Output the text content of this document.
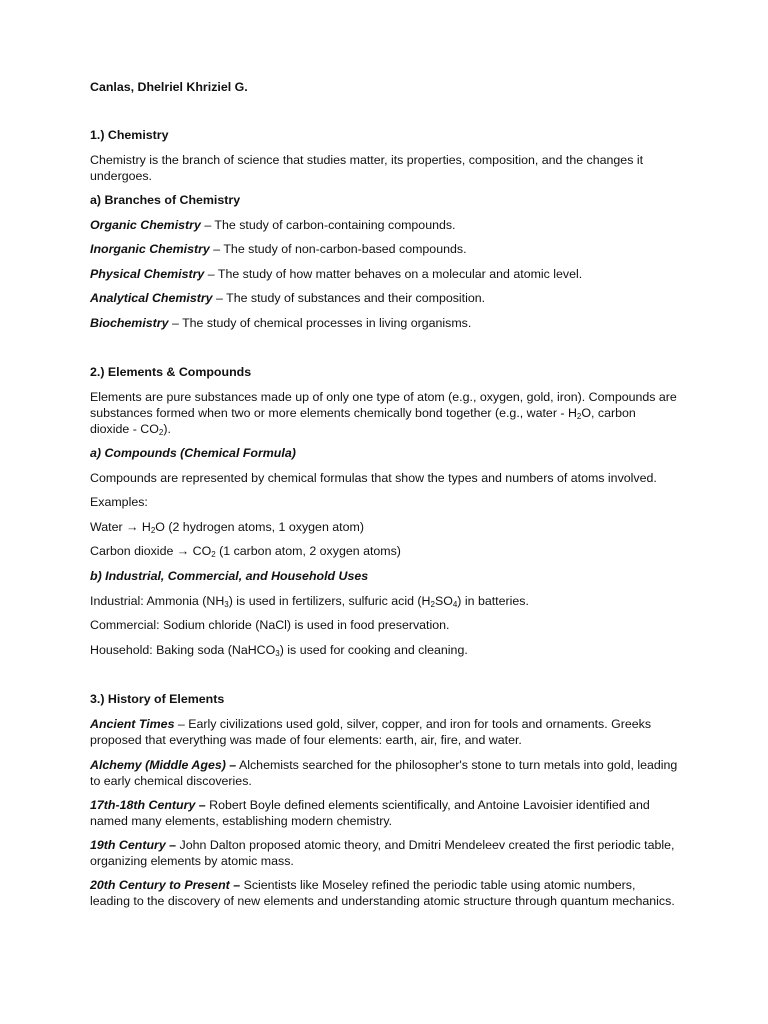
Canlas, Dhelriel Khriziel G.

1.) Chemistry

Chemistry is the branch of science that studies matter, its properties, composition, and the changes it undergoes.

a) Branches of Chemistry

Organic Chemistry – The study of carbon-containing compounds.

Inorganic Chemistry – The study of non-carbon-based compounds.

Physical Chemistry – The study of how matter behaves on a molecular and atomic level.

Analytical Chemistry – The study of substances and their composition.

Biochemistry – The study of chemical processes in living organisms.

2.) Elements & Compounds

Elements are pure substances made up of only one type of atom (e.g., oxygen, gold, iron). Compounds are substances formed when two or more elements chemically bond together (e.g., water - $H_2O$, carbon dioxide - $CO_2$).

a) Compounds (Chemical Formula)

Compounds are represented by chemical formulas that show the types and numbers of atoms involved.

Examples:

Water → $H_2O$ (2 hydrogen atoms, 1 oxygen atom)

Carbon dioxide → $CO_2$ (1 carbon atom, 2 oxygen atoms)

b) Industrial, Commercial, and Household Uses

Industrial: Ammonia $(NH_3)$ is used in fertilizers, sulfuric acid $(H_2SO_4)$ in batteries.

Commercial: Sodium chloride (NaCl) is used in food preservation.

Household: Baking soda (NaHCO$_3$) is used for cooking and cleaning.

3.) History of Elements

Ancient Times – Early civilizations used gold, silver, copper, and iron for tools and ornaments. Greeks proposed that everything was made of four elements: earth, air, fire, and water.

Alchemy (Middle Ages) – Alchemists searched for the philosopher's stone to turn metals into gold, leading to early chemical discoveries.

17th-18th Century – Robert Boyle defined elements scientifically, and Antoine Lavoisier identified and named many elements, establishing modern chemistry.

19th Century – John Dalton proposed atomic theory, and Dmitri Mendeleev created the first periodic table, organizing elements by atomic mass.

20th Century to Present – Scientists like Moseley refined the periodic table using atomic numbers, leading to the discovery of new elements and understanding atomic structure through quantum mechanics.
